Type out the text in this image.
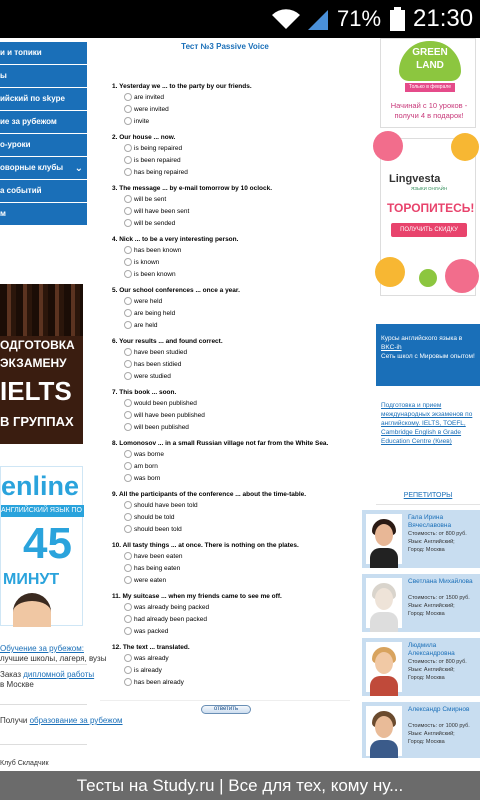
71% 21:30
и и топики
ы
ийский по skype
ие за рубежом
о-уроки
оворные клубы ⌄
а событий
м
ОДГОТОВКА
ЭКЗАМЕНУ
IELTS
В ГРУППАХ
enline
АНГЛИЙСКИЙ ЯЗЫК ПО SKYPE
45
МИНУТ
Обучение за рубежом:
лучшие школы, лагеря, вузы
Заказ дипломной работы
в Москве
Получи образование за рубежом
Тест №3 Passive Voice
1. Yesterday we ... to the party by our friends.
are invited
were invited
invite
2. Our house ... now.
is being repaired
is been repaired
has being repaired
3. The message ... by e-mail tomorrow by 10 oclock.
will be sent
will have been sent
will be sended
4. Nick ... to be a very interesting person.
has been known
is known
is been known
5. Our school conferences ... once a year.
were held
are being held
are held
6. Your results ... and found correct.
have been studied
has been stidied
were studied
7. This book ... soon.
would been published
will have been published
will been published
8. Lomonosov ... in a small Russian village not far from the White Sea.
was borne
am born
was born
9. All the participants of the conference ... about the time-table.
should have been told
should be told
should been told
10. All tasty things ... at once. There is nothing on the plates.
have been eaten
has being eaten
were eaten
11. My suitcase ... when my friends came to see me off.
was already being packed
had already been packed
was packed
12. The text ... translated.
was already
is already
has been already
ответить
GREEN
LAND
Только в феврале
Начинай с 10 уроков - получи 4 в подарок!
Lingvesta
ЯЗЫКИ ОНЛАЙН
ТОРОПИТЕСЬ!
ПОЛУЧИТЬ СКИДКУ
Курсы английского языка в BKC-ih
Сеть школ с Мировым опытом!
Подготовка и прием международных экзаменов по английскому. IELTS, TOEFL, Cambridge English в Grade Education Centre (Киев)
РЕПЕТИТОРЫ
Гала Ирина Вячеславовна
Стоимость: от 800 руб.
Язык: Английский;
Город: Москва
Светлана Михайлова
Стоимость: от 1500 руб.
Язык: Английский;
Город: Москва
Людмила Александровна
Стоимость: от 800 руб.
Язык: Английский;
Город: Москва
Александр Смирнов
Стоимость: от 1000 руб.
Язык: Английский;
Город: Москва
Клуб Складчик
Тесты на Study.ru | Все для тех, кому ну...
